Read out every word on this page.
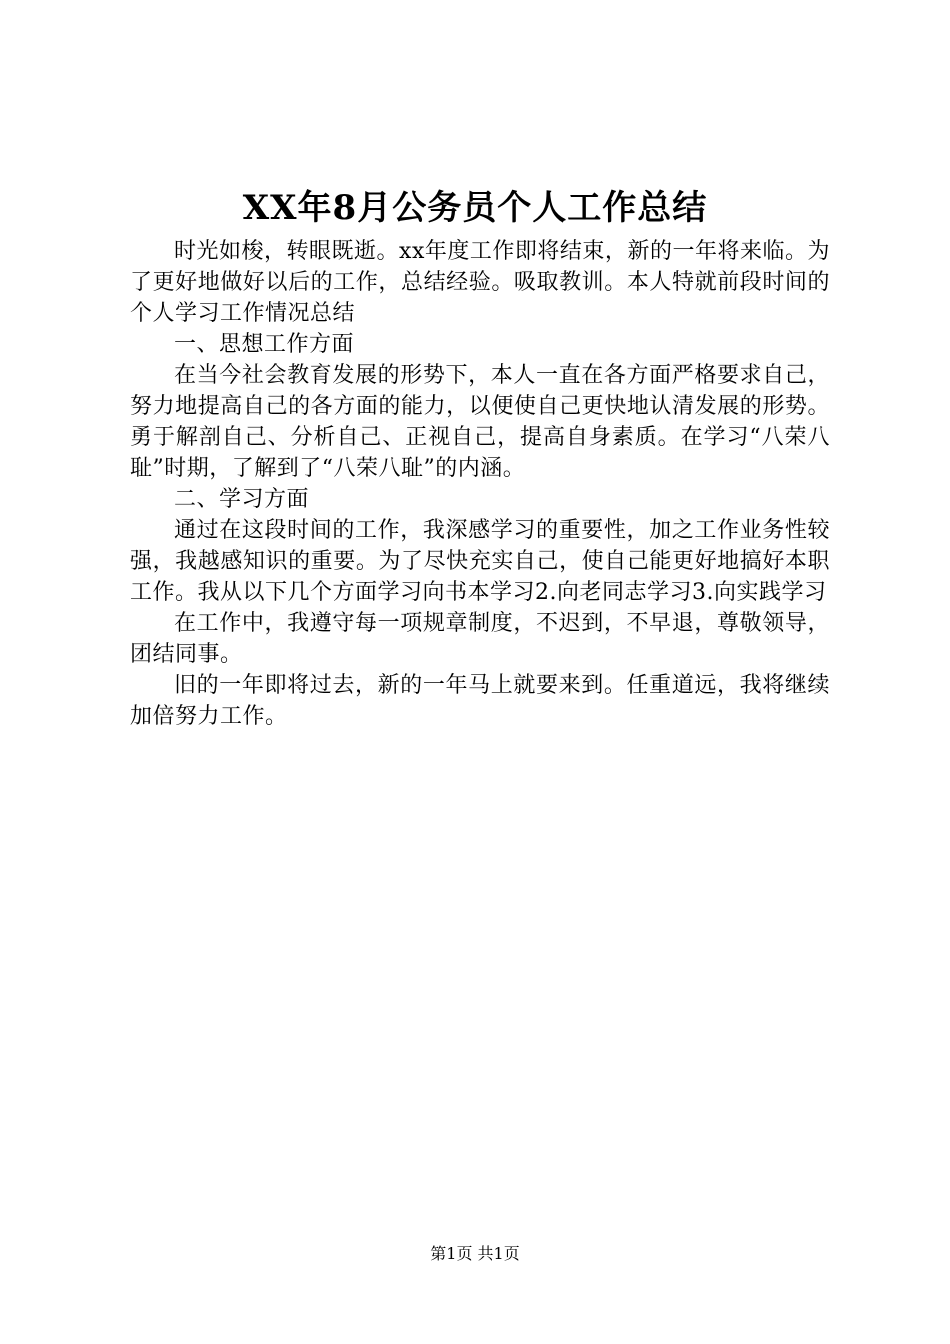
XX年8月公务员个人工作总结

时光如梭，转眼既逝。xx年度工作即将结束，新的一年将来临。为了更好地做好以后的工作，总结经验。吸取教训。本人特就前段时间的个人学习工作情况总结

一、思想工作方面

在当今社会教育发展的形势下，本人一直在各方面严格要求自己，努力地提高自己的各方面的能力，以便使自己更快地认清发展的形势。勇于解剖自己、分析自己、正视自己，提高自身素质。在学习“八荣八耻”时期，了解到了“八荣八耻”的内涵。

二、学习方面

通过在这段时间的工作，我深感学习的重要性，加之工作业务性较强，我越感知识的重要。为了尽快充实自己，使自己能更好地搞好本职工作。我从以下几个方面学习向书本学习2.向老同志学习3.向实践学习

在工作中，我遵守每一项规章制度，不迟到，不早退，尊敬领导，团结同事。

旧的一年即将过去，新的一年马上就要来到。任重道远，我将继续加倍努力工作。

第1页 共1页
